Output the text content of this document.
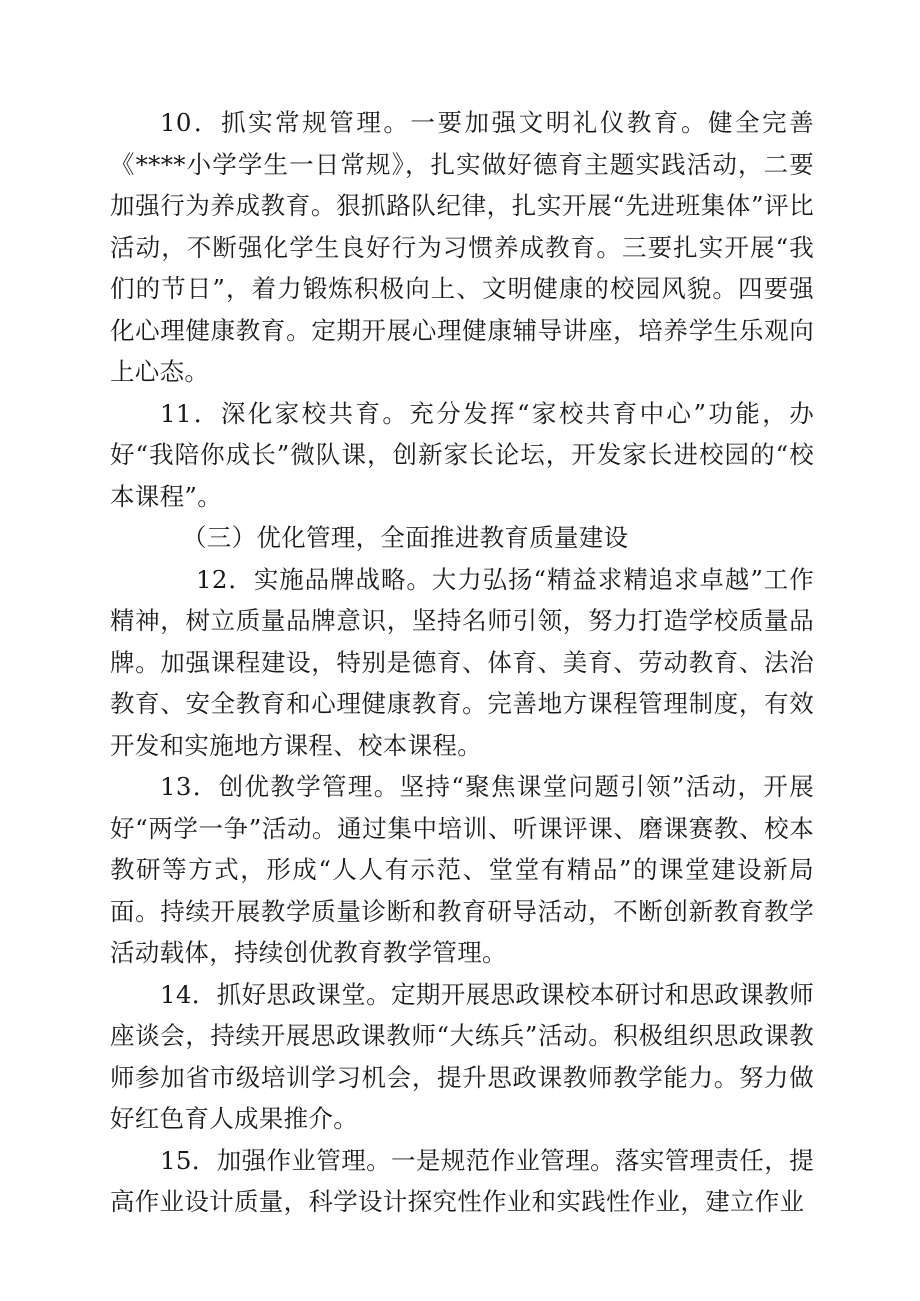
10．抓实常规管理。一要加强文明礼仪教育。健全完善《****小学学生一日常规》，扎实做好德育主题实践活动，二要加强行为养成教育。狠抓路队纪律，扎实开展“先进班集体”评比活动，不断强化学生良好行为习惯养成教育。三要扎实开展“我们的节日”，着力锻炼积极向上、文明健康的校园风貌。四要强化心理健康教育。定期开展心理健康辅导讲座，培养学生乐观向上心态。

11．深化家校共育。充分发挥“家校共育中心”功能，办好“我陪你成长”微队课，创新家长论坛，开发家长进校园的“校本课程”。

（三）优化管理，全面推进教育质量建设

12．实施品牌战略。大力弘扬“精益求精追求卓越”工作精神，树立质量品牌意识，坚持名师引领，努力打造学校质量品牌。加强课程建设，特别是德育、体育、美育、劳动教育、法治教育、安全教育和心理健康教育。完善地方课程管理制度，有效开发和实施地方课程、校本课程。

13．创优教学管理。坚持“聚焦课堂问题引领”活动，开展好“两学一争”活动。通过集中培训、听课评课、磨课赛教、校本教研等方式，形成“人人有示范、堂堂有精品”的课堂建设新局面。持续开展教学质量诊断和教育研导活动，不断创新教育教学活动载体，持续创优教育教学管理。

14．抓好思政课堂。定期开展思政课校本研讨和思政课教师座谈会，持续开展思政课教师“大练兵”活动。积极组织思政课教师参加省市级培训学习机会，提升思政课教师教学能力。努力做好红色育人成果推介。

15．加强作业管理。一是规范作业管理。落实管理责任，提高作业设计质量，科学设计探究性作业和实践性作业，建立作业
